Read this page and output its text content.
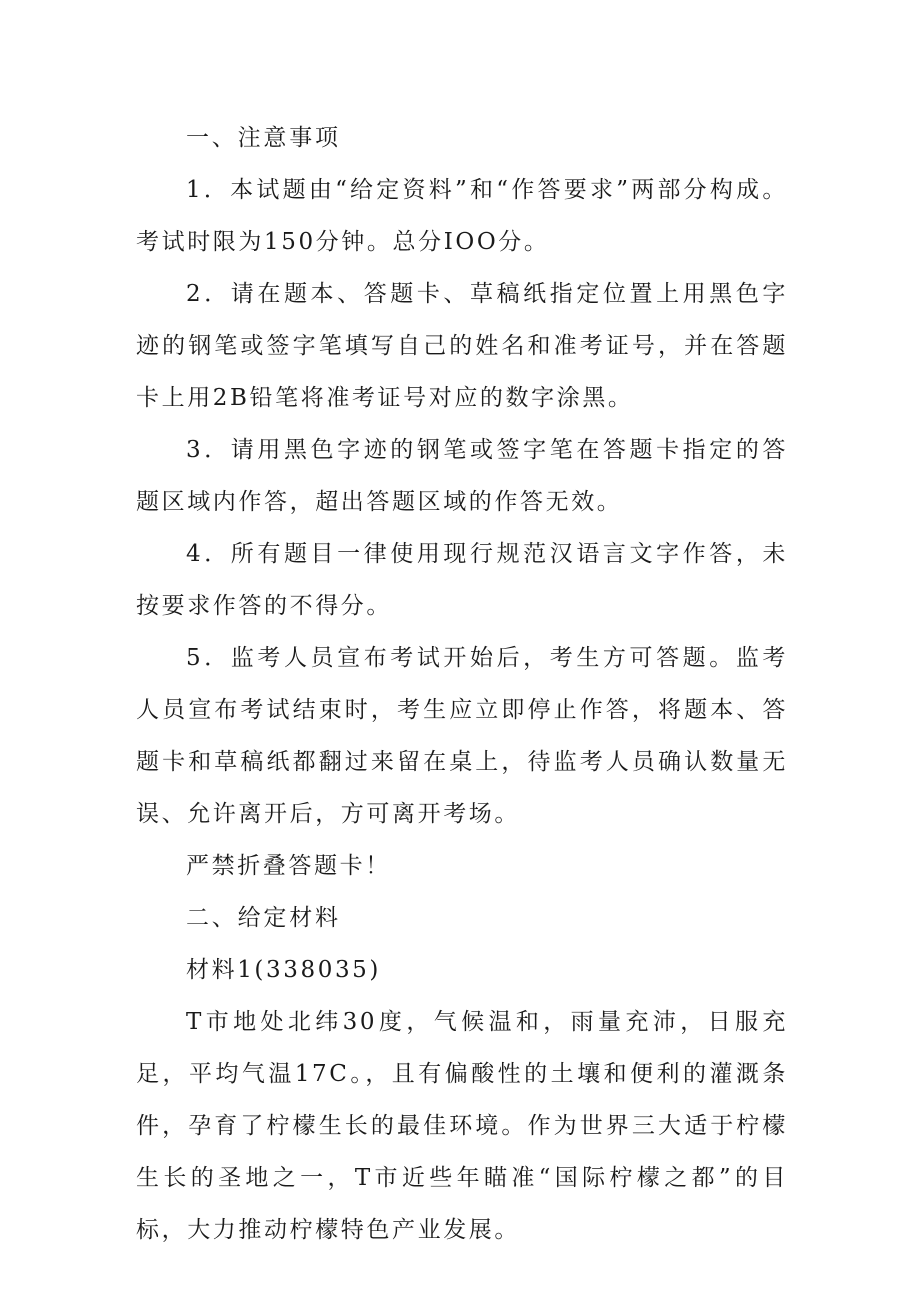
一、注意事项

1．本试题由“给定资料”和“作答要求”两部分构成。

考试时限为150分钟。总分IOO分。

2．请在题本、答题卡、草稿纸指定位置上用黑色字迹的钢笔或签字笔填写自己的姓名和准考证号，并在答题卡上用2B铅笔将准考证号对应的数字涂黑。

3．请用黑色字迹的钢笔或签字笔在答题卡指定的答题区域内作答，超出答题区域的作答无效。

4．所有题目一律使用现行规范汉语言文字作答，未按要求作答的不得分。

5．监考人员宣布考试开始后，考生方可答题。监考人员宣布考试结束时，考生应立即停止作答，将题本、答题卡和草稿纸都翻过来留在桌上，待监考人员确认数量无误、允许离开后，方可离开考场。

严禁折叠答题卡！

二、给定材料

材料1(338035)

T市地处北纬30度，气候温和，雨量充沛，日服充足，平均气温17C。，且有偏酸性的土壤和便利的灌溉条件，孕育了柠檬生长的最佳环境。作为世界三大适于柠檬生长的圣地之一，T市近些年瞄准“国际柠檬之都”的目标，大力推动柠檬特色产业发展。
